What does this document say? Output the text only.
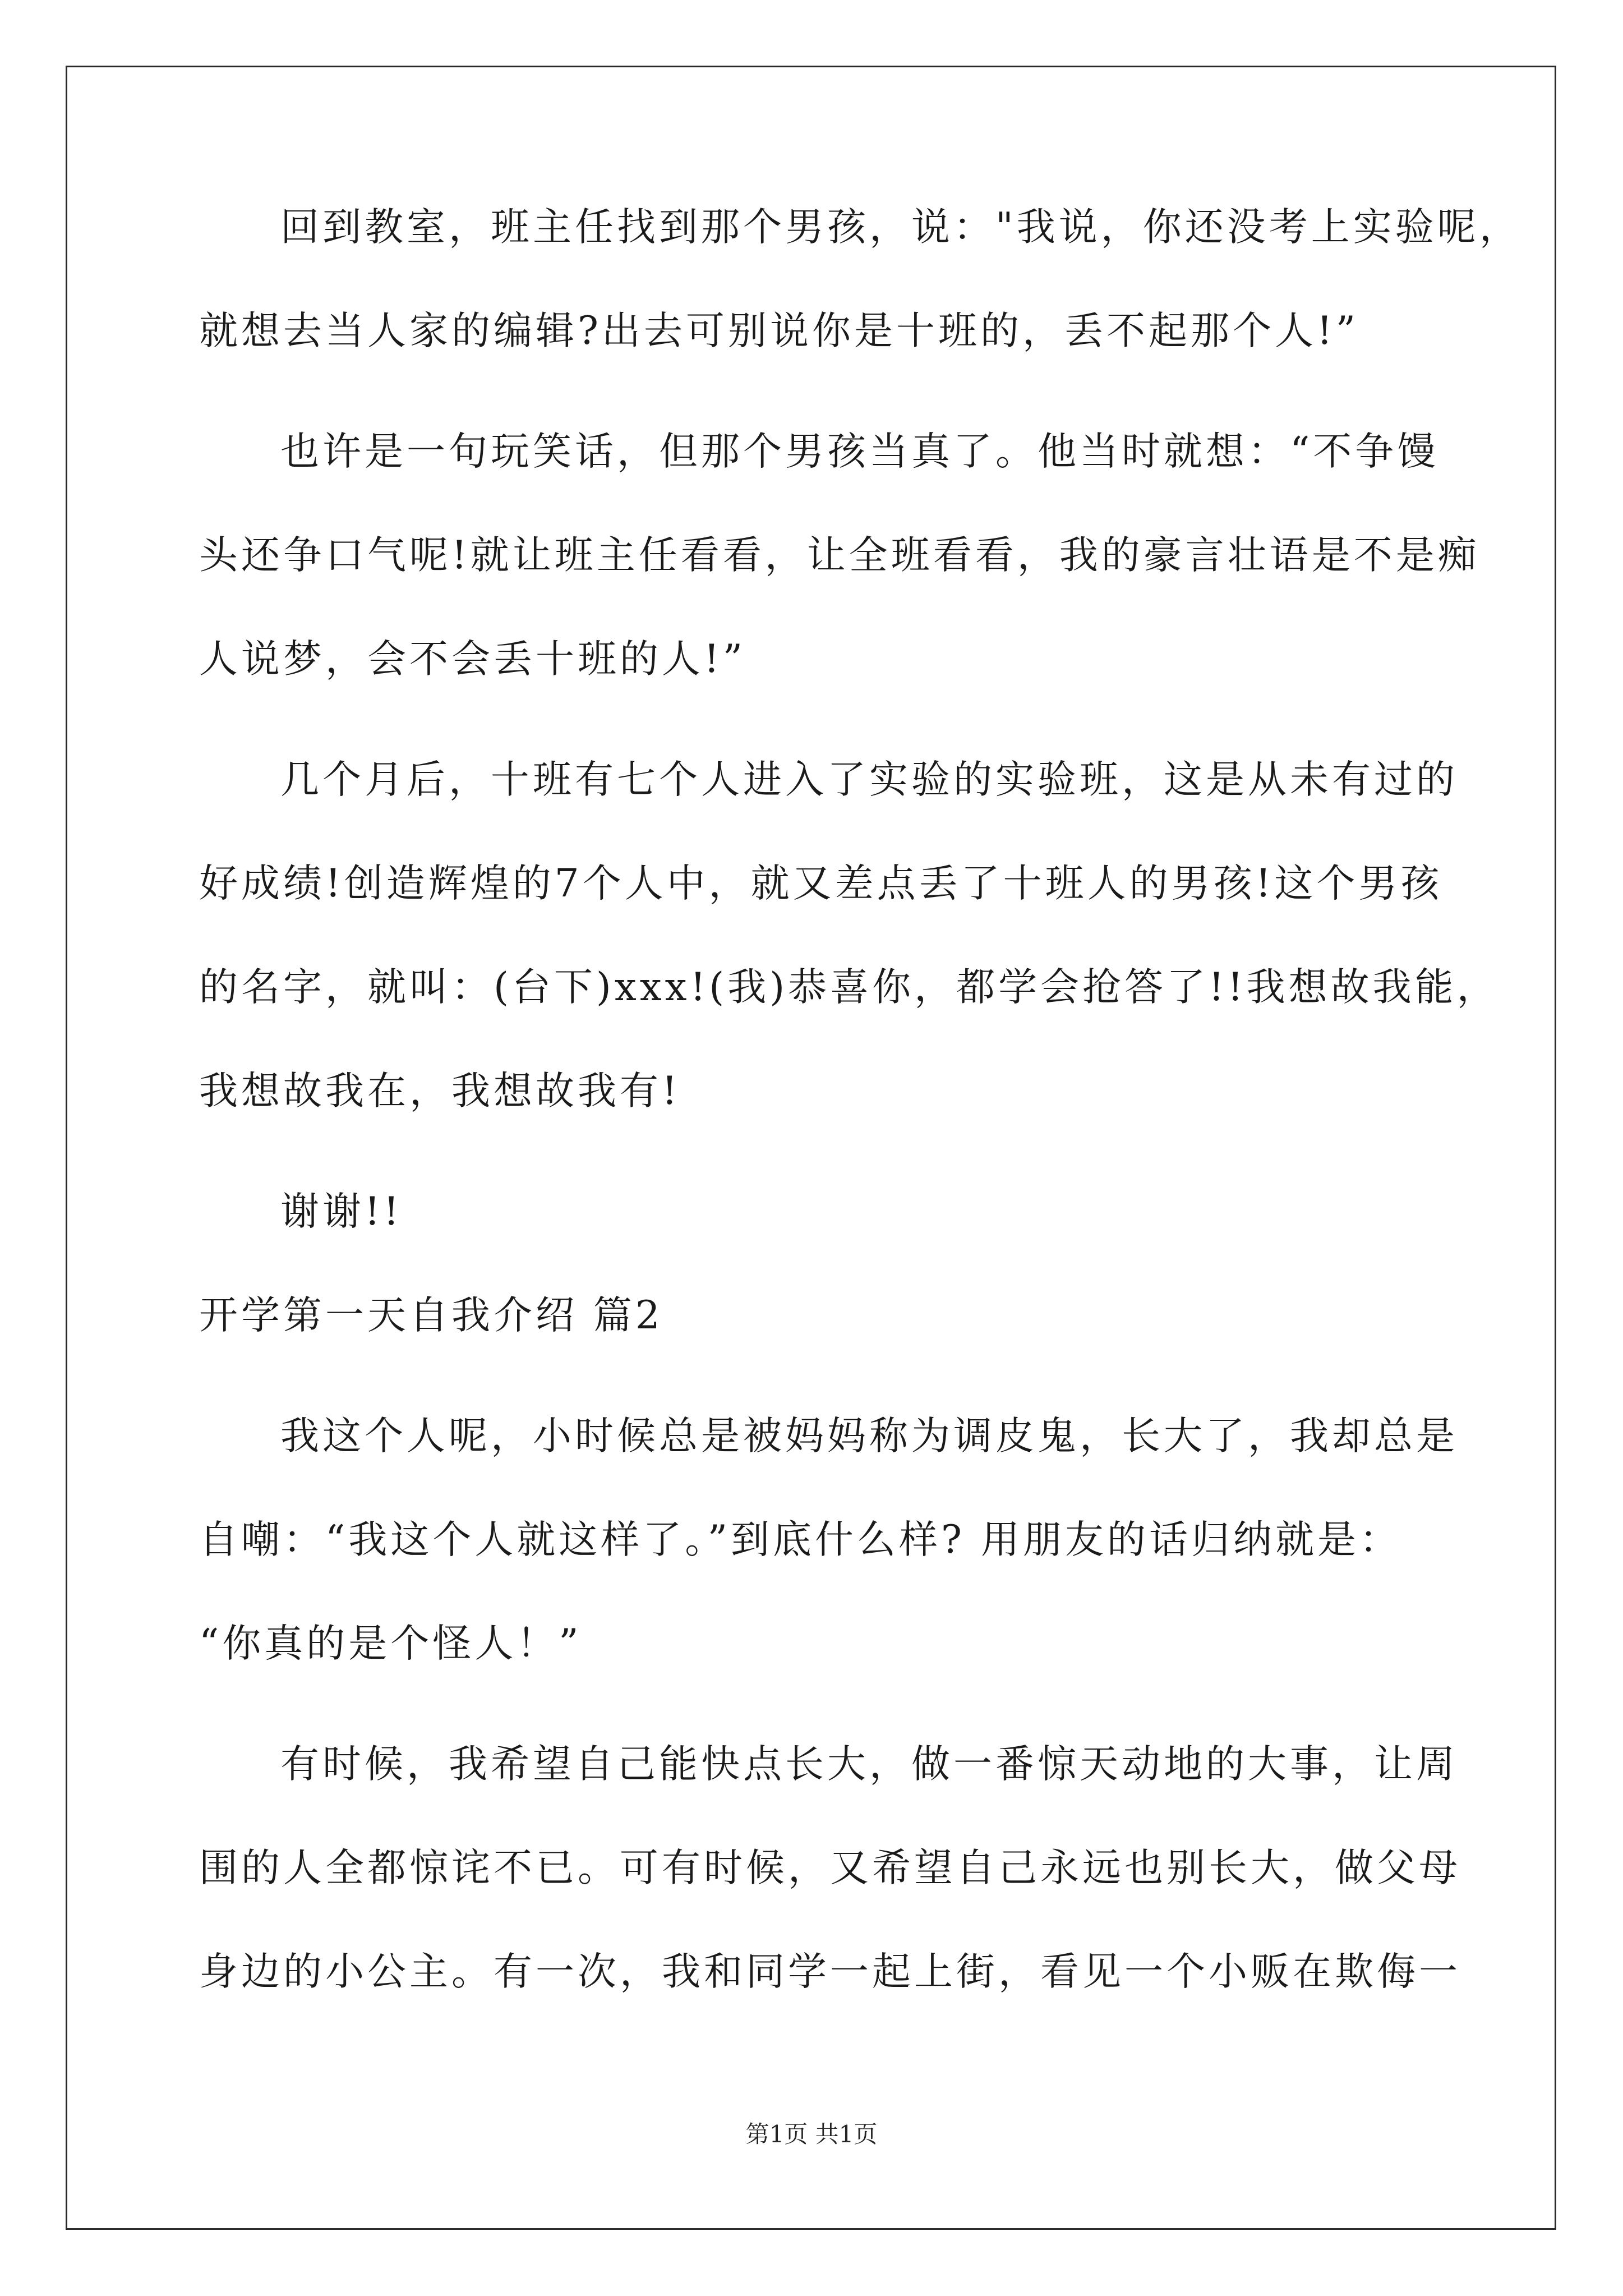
回到教室，班主任找到那个男孩，说："我说，你还没考上实验呢，
就想去当人家的编辑?出去可别说你是十班的，丢不起那个人!”
也许是一句玩笑话，但那个男孩当真了。他当时就想：“不争馒
头还争口气呢!就让班主任看看，让全班看看，我的豪言壮语是不是痴
人说梦，会不会丢十班的人!”
几个月后，十班有七个人进入了实验的实验班，这是从未有过的
好成绩!创造辉煌的7个人中，就又差点丢了十班人的男孩!这个男孩
的名字，就叫：(台下)xxx!(我)恭喜你，都学会抢答了!!我想故我能，
我想故我在，我想故我有!
谢谢!!
开学第一天自我介绍 篇2
我这个人呢，小时候总是被妈妈称为调皮鬼，长大了，我却总是
自嘲：“我这个人就这样了。”到底什么样? 用朋友的话归纳就是：
“你真的是个怪人！”
有时候，我希望自己能快点长大，做一番惊天动地的大事，让周
围的人全都惊诧不已。可有时候，又希望自己永远也别长大，做父母
身边的小公主。有一次，我和同学一起上街，看见一个小贩在欺侮一
第1页 共1页
